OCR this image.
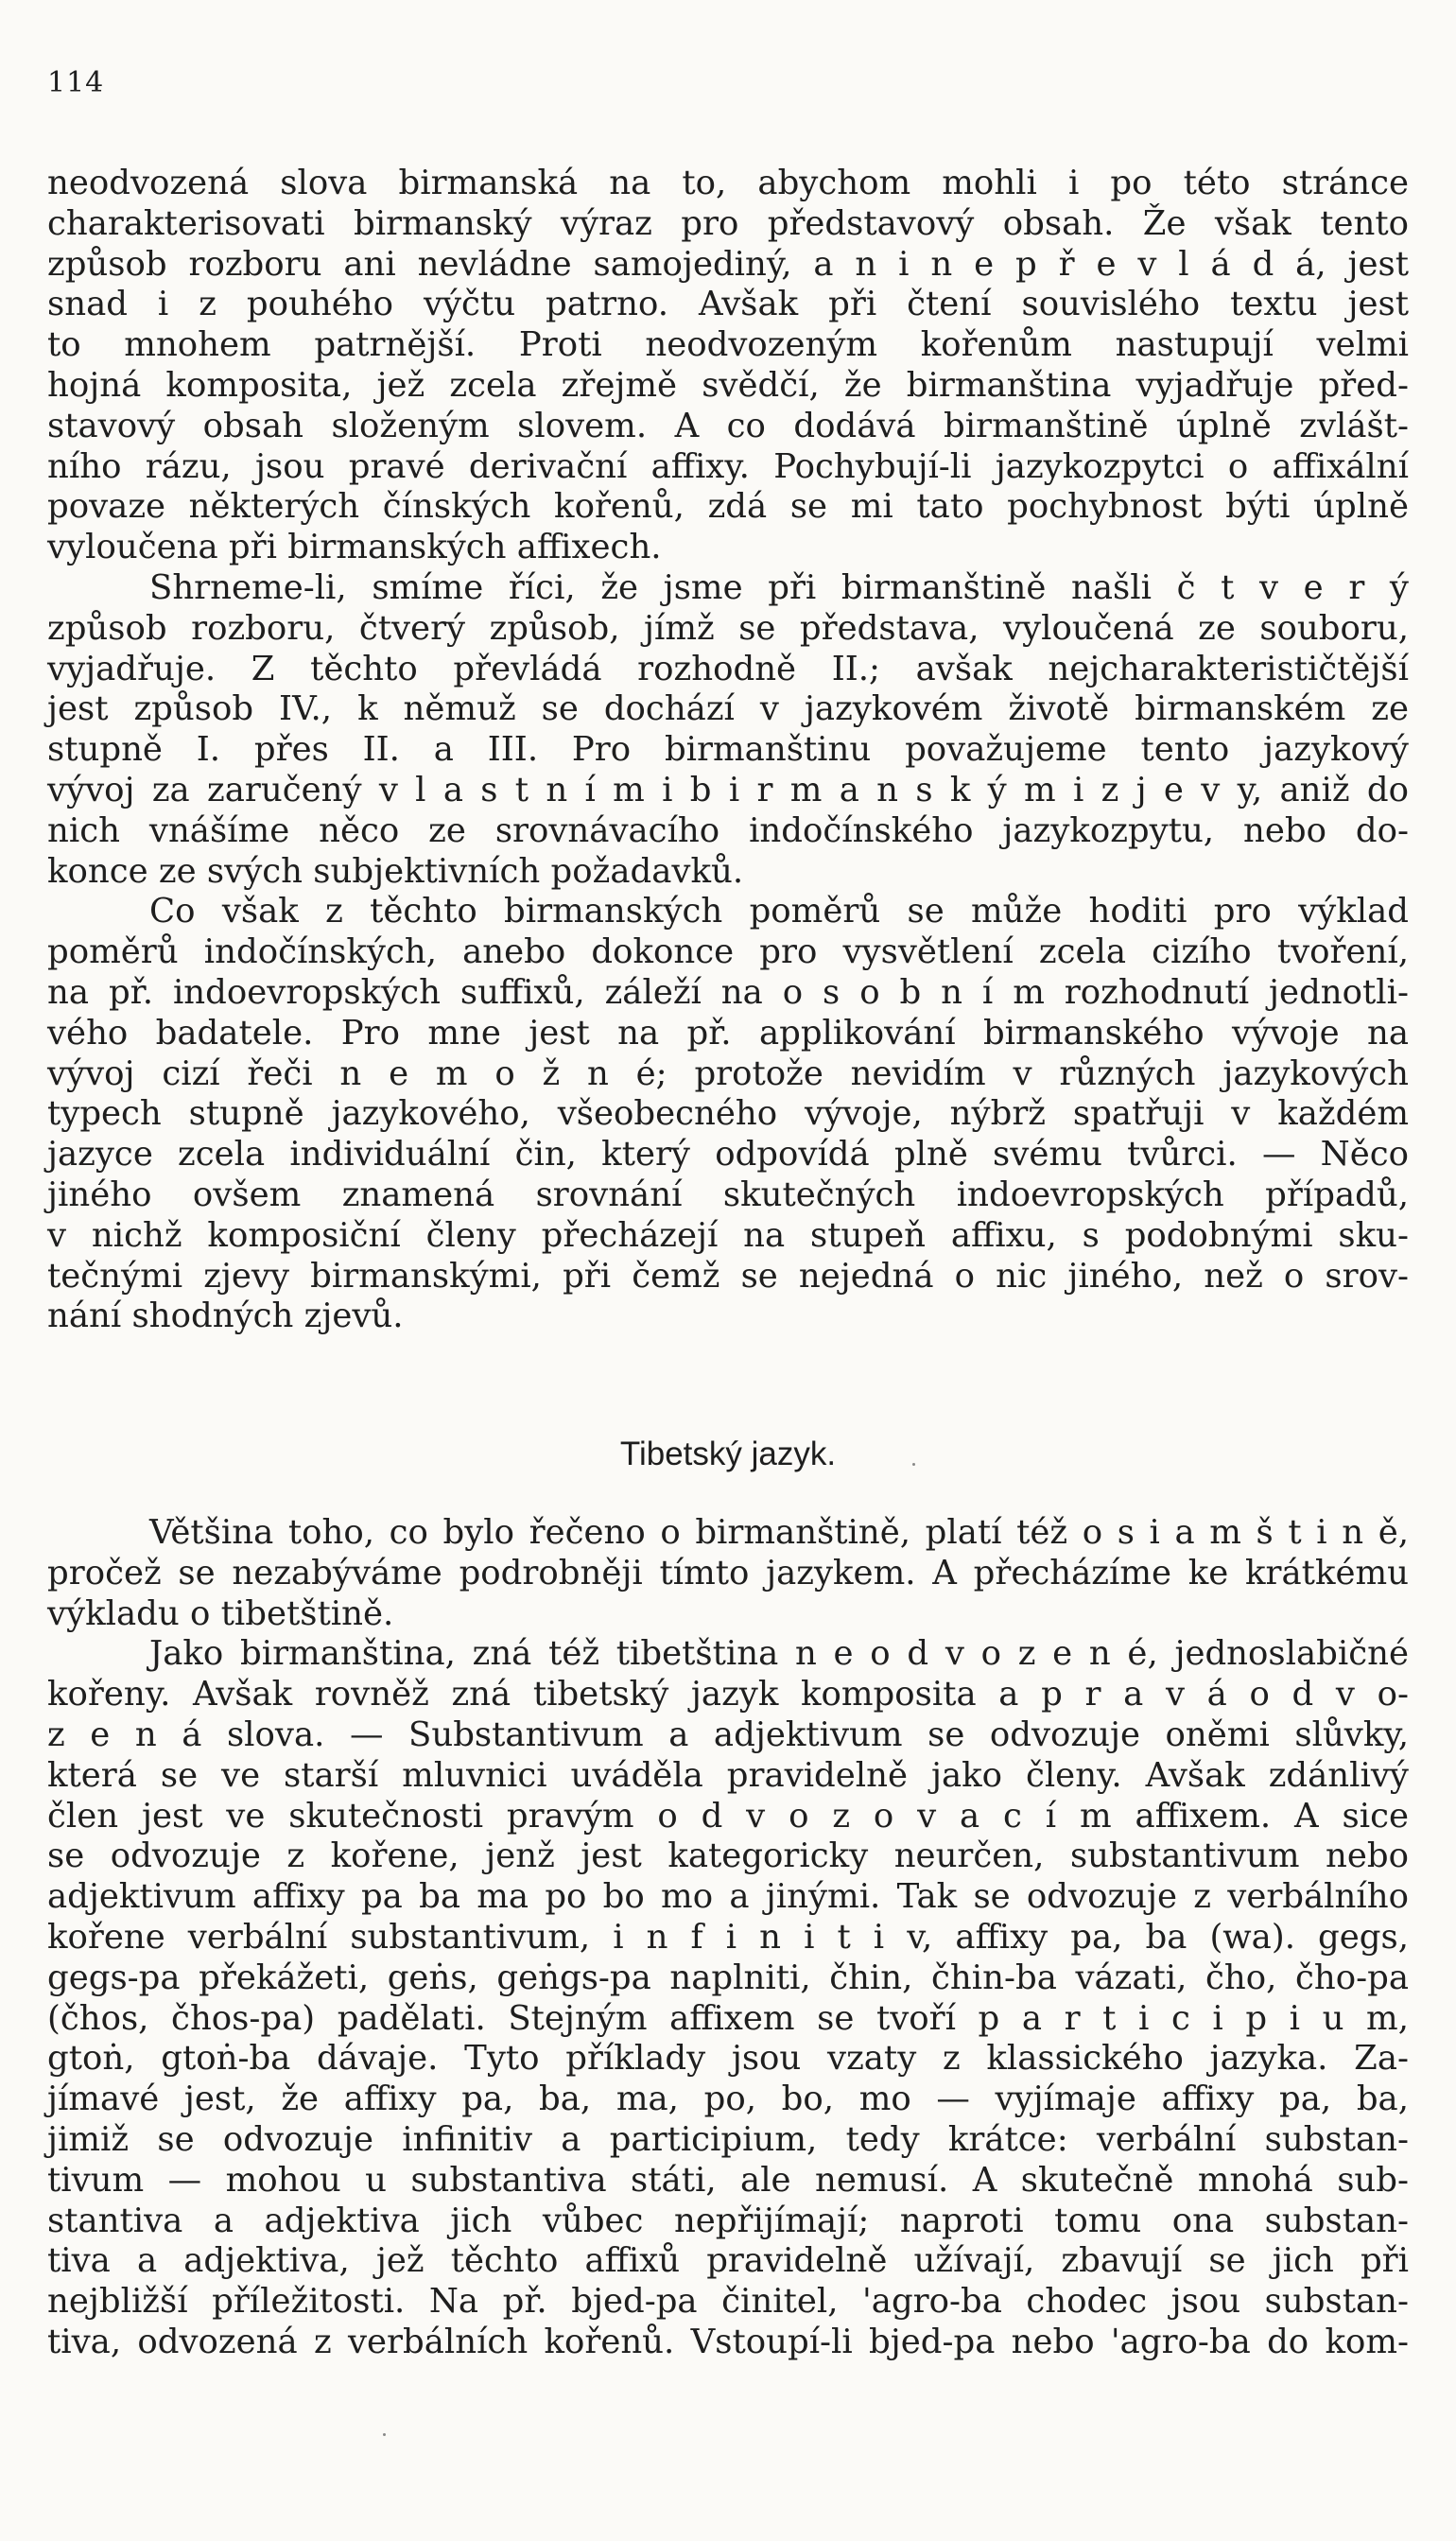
114

neodvozená slova birmanská na to, abychom mohli i po této stránce

charakterisovati birmanský výraz pro představový obsah. Že však tento

způsob rozboru ani nevládne samojediný, a n i n e p ř e v l á d á, jest

snad i z pouhého výčtu patrno. Avšak při čtení souvislého textu jest

to mnohem patrnější. Proti neodvozeným kořenům nastupují velmi

hojná komposita, jež zcela zřejmě svědčí, že birmanština vyjadřuje před-

stavový obsah složeným slovem. A co dodává birmanštině úplně zvlášt-

ního rázu, jsou pravé derivační affixy. Pochybují-li jazykozpytci o affixální

povaze některých čínských kořenů, zdá se mi tato pochybnost býti úplně

vyloučena při birmanských affixech.

Shrneme-li, smíme říci, že jsme při birmanštině našli č t v e r ý

způsob rozboru, čtverý způsob, jímž se představa, vyloučená ze souboru,

vyjadřuje. Z těchto převládá rozhodně II.; avšak nejcharakterističtější

jest způsob IV., k němuž se dochází v jazykovém životě birmanském ze

stupně I. přes II. a III. Pro birmanštinu považujeme tento jazykový

vývoj za zaručený v l a s t n í m i b i r m a n s k ý m i z j e v y, aniž do

nich vnášíme něco ze srovnávacího indočínského jazykozpytu, nebo do-

konce ze svých subjektivních požadavků.

Co však z těchto birmanských poměrů se může hoditi pro výklad

poměrů indočínských, anebo dokonce pro vysvětlení zcela cizího tvoření,

na př. indoevropských suffixů, záleží na o s o b n í m rozhodnutí jednotli-

vého badatele. Pro mne jest na př. applikování birmanského vývoje na

vývoj cizí řeči n e m o ž n é; protože nevidím v různých jazykových

typech stupně jazykového, všeobecného vývoje, nýbrž spatřuji v každém

jazyce zcela individuální čin, který odpovídá plně svému tvůrci. — Něco

jiného ovšem znamená srovnání skutečných indoevropských případů,

v nichž komposiční členy přecházejí na stupeň affixu, s podobnými sku-

tečnými zjevy birmanskými, při čemž se nejedná o nic jiného, než o srov-

nání shodných zjevů.

Tibetský jazyk.

Většina toho, co bylo řečeno o birmanštině, platí též o s i a m š t i n ě,

pročež se nezabýváme podrobněji tímto jazykem. A přecházíme ke krátkému

výkladu o tibetštině.

Jako birmanština, zná též tibetština n e o d v o z e n é, jednoslabičné

kořeny. Avšak rovněž zná tibetský jazyk komposita a p r a v á o d v o-

z e n á slova. — Substantivum a adjektivum se odvozuje oněmi slůvky,

která se ve starší mluvnici uváděla pravidelně jako členy. Avšak zdánlivý

člen jest ve skutečnosti pravým o d v o z o v a c í m affixem. A sice

se odvozuje z kořene, jenž jest kategoricky neurčen, substantivum nebo

adjektivum affixy pa ba ma po bo mo a jinými. Tak se odvozuje z verbálního

kořene verbální substantivum, i n f i n i t i v, affixy pa, ba (wa). gegs,

gegs-pa překážeti, geṅs, geṅgs-pa naplniti, čhin, čhin-ba vázati, čho, čho-pa

(čhos, čhos-pa) padělati. Stejným affixem se tvoří p a r t i c i p i u m,

gtoṅ, gtoṅ-ba dávaje. Tyto příklady jsou vzaty z klassického jazyka. Za-

jímavé jest, že affixy pa, ba, ma, po, bo, mo — vyjímaje affixy pa, ba,

jimiž se odvozuje infinitiv a participium, tedy krátce: verbální substan-

tivum — mohou u substantiva státi, ale nemusí. A skutečně mnohá sub-

stantiva a adjektiva jich vůbec nepřijímají; naproti tomu ona substan-

tiva a adjektiva, jež těchto affixů pravidelně užívají, zbavují se jich při

nejbližší příležitosti. Na př. bjed-pa činitel, 'agro-ba chodec jsou substan-

tiva, odvozená z verbálních kořenů. Vstoupí-li bjed-pa nebo 'agro-ba do kom-
